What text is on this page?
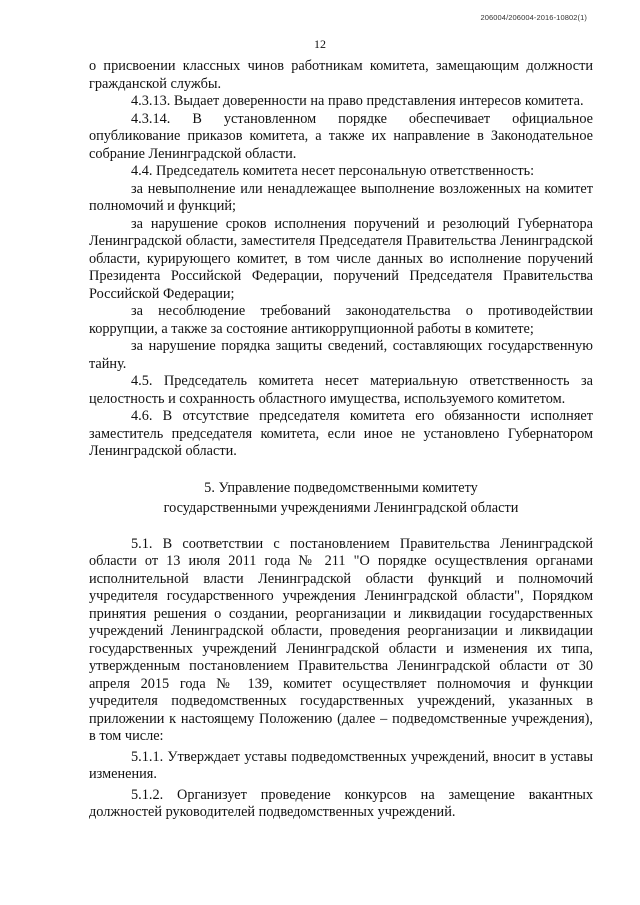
206004/206004-2016-10802(1)
12

о присвоении классных чинов работникам комитета, замещающим должности гражданской службы.

4.3.13. Выдает доверенности на право представления интересов комитета.

4.3.14. В установленном порядке обеспечивает официальное опубликование приказов комитета, а также их направление в Законодательное собрание Ленинградской области.

4.4. Председатель комитета несет персональную ответственность:

за невыполнение или ненадлежащее выполнение возложенных на комитет полномочий и функций;

за нарушение сроков исполнения поручений и резолюций Губернатора Ленинградской области, заместителя Председателя Правительства Ленинградской области, курирующего комитет, в том числе данных во исполнение поручений Президента Российской Федерации, поручений Председателя Правительства Российской Федерации;

за несоблюдение требований законодательства о противодействии коррупции, а также за состояние антикоррупционной работы в комитете;

за нарушение порядка защиты сведений, составляющих государственную тайну.

4.5. Председатель комитета несет материальную ответственность за целостность и сохранность областного имущества, используемого комитетом.

4.6. В отсутствие председателя комитета его обязанности исполняет заместитель председателя комитета, если иное не установлено Губернатором Ленинградской области.

5. Управление подведомственными комитету

государственными учреждениями Ленинградской области

5.1. В соответствии с постановлением Правительства Ленинградской области от 13 июля 2011 года № 211 "О порядке осуществления органами исполнительной власти Ленинградской области функций и полномочий учредителя государственного учреждения Ленинградской области", Порядком принятия решения о создании, реорганизации и ликвидации государственных учреждений Ленинградской области, проведения реорганизации и ликвидации государственных учреждений Ленинградской области и изменения их типа, утвержденным постановлением Правительства Ленинградской области от 30 апреля 2015 года № 139, комитет осуществляет полномочия и функции учредителя подведомственных государственных учреждений, указанных в приложении к настоящему Положению (далее – подведомственные учреждения), в том числе:

5.1.1. Утверждает уставы подведомственных учреждений, вносит в уставы изменения.

5.1.2. Организует проведение конкурсов на замещение вакантных должностей руководителей подведомственных учреждений.
